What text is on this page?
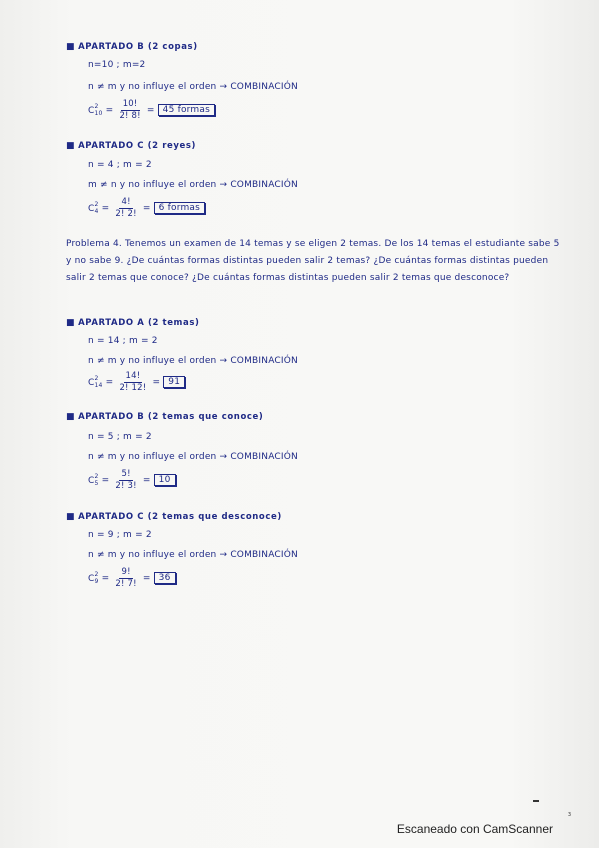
■ APARTADO B (2 copas)
n=10 ; m=2
n ≠ m y no influye el orden → COMBINACIÓN
$C^2_{10} = \frac{10!}{2! 8!} = 45$ formas
■ APARTADO C (2 reyes)
n = 4 ; m = 2
m ≠ n y no influye el orden → COMBINACIÓN
$C^2_4 = \frac{4!}{2! 2!} = 6$ formas
Problema 4. Tenemos un examen de 14 temas y se eligen 2 temas. De los 14 temas el estudiante sabe 5 y no sabe 9. ¿De cuántas formas distintas pueden salir 2 temas? ¿De cuántas formas distintas pueden salir 2 temas que conoce? ¿De cuántas formas distintas pueden salir 2 temas que desconoce?
■ APARTADO A (2 temas)
n = 14 ; m = 2
n ≠ m y no influye el orden → COMBINACIÓN
$C^2_{14} = \frac{14!}{2! 12!} = 91$
■ APARTADO B (2 temas que conoce)
n = 5 ; m = 2
n ≠ m y no influye el orden → COMBINACIÓN
$C^2_5 = \frac{5!}{2! 3!} = 10$
■ APARTADO C (2 temas que desconoce)
n = 9 ; m = 2
n ≠ m y no influye el orden → COMBINACIÓN
$C^2_9 = \frac{9!}{2! 7!} = 36$
3
Escaneado con CamScanner
